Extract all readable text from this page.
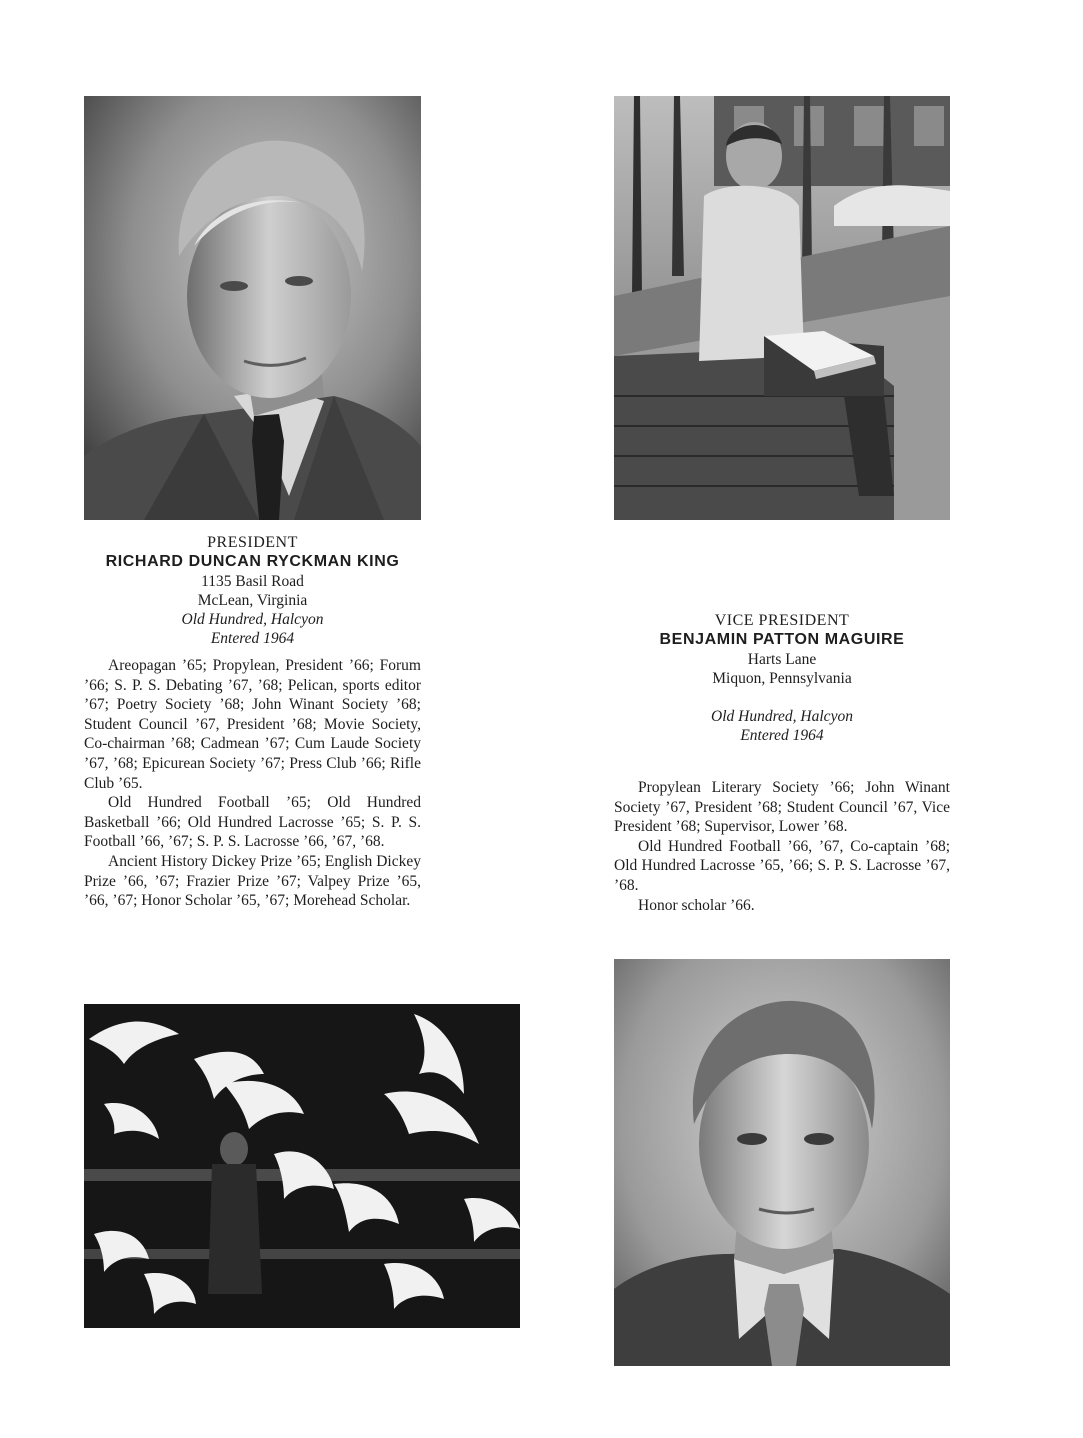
PRESIDENT
RICHARD DUNCAN RYCKMAN KING
1135 Basil Road
McLean, Virginia
Old Hundred, Halcyon
Entered 1964

Areopagan ’65; Propylean, President ’66; Forum ’66; S. P. S. Debating ’67, ’68; Pelican, sports editor ’67; Poetry Society ’68; John Winant Society ’68; Student Council ’67, President ’68; Movie Society, Co-chairman ’68; Cadmean ’67; Cum Laude Society ’67, ’68; Epicurean Society ’67; Press Club ’66; Rifle Club ’65.

Old Hundred Football ’65; Old Hundred Basketball ’66; Old Hundred Lacrosse ’65; S. P. S. Football ’66, ’67; S. P. S. Lacrosse ’66, ’67, ’68.

Ancient History Dickey Prize ’65; English Dickey Prize ’66, ’67; Frazier Prize ’67; Valpey Prize ’65, ’66, ’67; Honor Scholar ’65, ’67; Morehead Scholar.

VICE PRESIDENT
BENJAMIN PATTON MAGUIRE
Harts Lane
Miquon, Pennsylvania
Old Hundred, Halcyon
Entered 1964

Propylean Literary Society ’66; John Winant Society ’67, President ’68; Student Council ’67, Vice President ’68; Supervisor, Lower ’68.

Old Hundred Football ’66, ’67, Co-captain ’68; Old Hundred Lacrosse ’65, ’66; S. P. S. Lacrosse ’67, ’68.

Honor scholar ’66.
